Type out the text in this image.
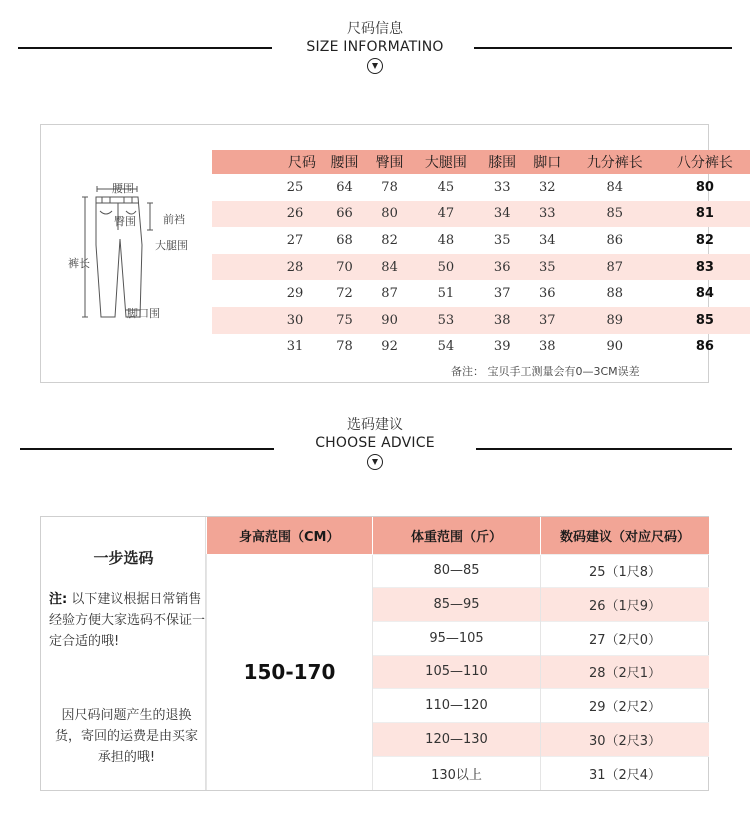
尺码信息
SIZE INFORMATINO
腰围
臀围 前裆
大腿围
裤长
脚口围
尺码	腰围	臀围	大腿围	膝围	脚口	九分裤长	八分裤长
25	64	78	45	33	32	84	80
26	66	80	47	34	33	85	81
27	68	82	48	35	34	86	82
28	70	84	50	36	35	87	83
29	72	87	51	37	36	88	84
30	75	90	53	38	37	89	85
31	78	92	54	39	38	90	86
备注： 宝贝手工测量会有0—3CM误差
选码建议
CHOOSE ADVICE
一步选码
注: 以下建议根据日常销售经验方便大家选码不保证一定合适的哦!
因尺码问题产生的退换货，寄回的运费是由买家承担的哦!
身高范围（CM）	体重范围（斤）	数码建议（对应尺码）
150-170	80—85	25（1尺8）
	85—95	26（1尺9）
	95—105	27（2尺0）
	105—110	28（2尺1）
	110—120	29（2尺2）
	120—130	30（2尺3）
	130以上	31（2尺4）
